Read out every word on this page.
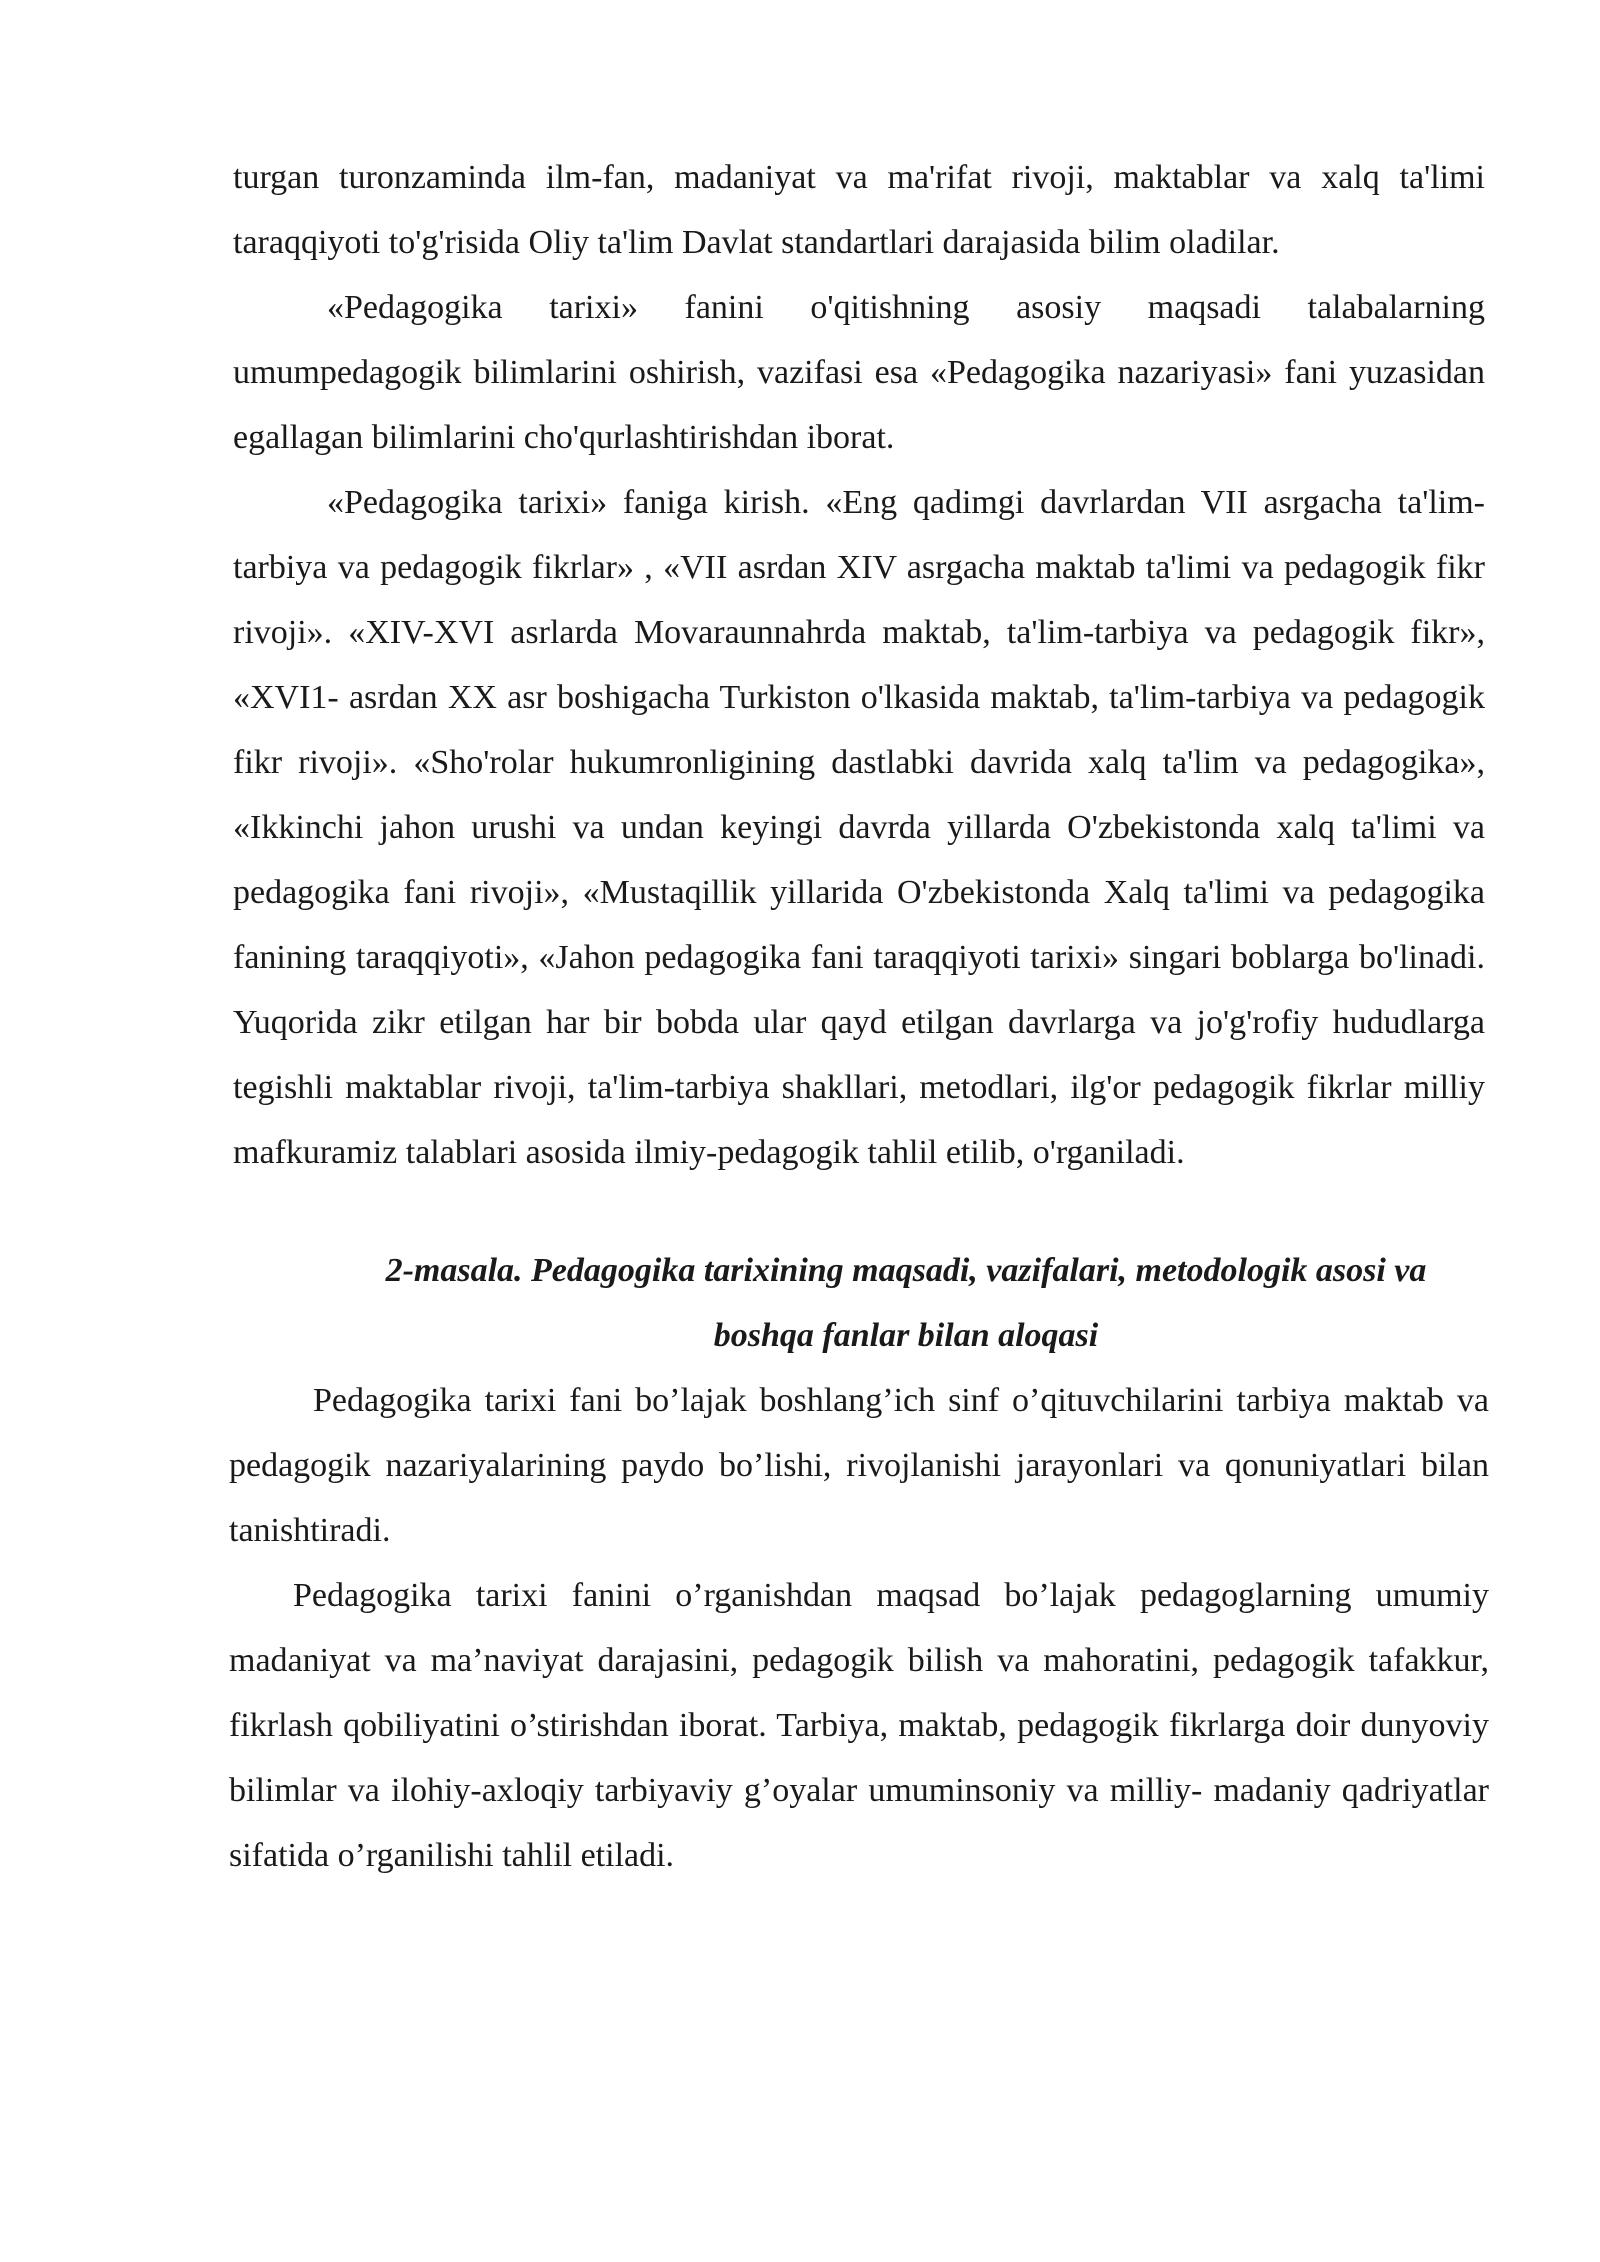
turgan turonzaminda ilm-fan, madaniyat va ma'rifat rivoji, maktablar va xalq ta'limi taraqqiyoti to'g'risida Oliy ta'lim Davlat standartlari darajasida bilim oladilar.

«Pedagogika tarixi» fanini o'qitishning asosiy maqsadi talabalarning umumpedagogik bilimlarini oshirish, vazifasi esa «Pedagogika nazariyasi» fani yuzasidan egallagan bilimlarini cho'qurlashtirishdan iborat.

«Pedagogika tarixi» faniga kirish. «Eng qadimgi davrlardan VII asrgacha ta'lim-tarbiya va pedagogik fikrlar» , «VII asrdan XIV asrgacha maktab ta'limi va pedagogik fikr rivoji». «XIV-XVI asrlarda Movaraunnahrda maktab, ta'lim-tarbiya va pedagogik fikr», «XVI1- asrdan XX asr boshigacha Turkiston o'lkasida maktab, ta'lim-tarbiya va pedagogik fikr rivoji». «Sho'rolar hukumronligining dastlabki davrida xalq ta'lim va pedagogika», «Ikkinchi jahon urushi va undan keyingi davrda yillarda O'zbekistonda xalq ta'limi va pedagogika fani rivoji», «Mustaqillik yillarida O'zbekistonda Xalq ta'limi va pedagogika fanining taraqqiyoti», «Jahon pedagogika fani taraqqiyoti tarixi» singari boblarga bo'linadi. Yuqorida zikr etilgan har bir bobda ular qayd etilgan davrlarga va jo'g'rofiy hududlarga tegishli maktablar rivoji, ta'lim-tarbiya shakllari, metodlari, ilg'or pedagogik fikrlar milliy mafkuramiz talablari asosida ilmiy-pedagogik tahlil etilib, o'rganiladi.

2-masala. Pedagogika tarixining maqsadi, vazifalari, metodologik asosi va
boshqa fanlar bilan aloqasi

Pedagogika tarixi fani bo’lajak boshlang’ich sinf o’qituvchilarini tarbiya maktab va pedagogik nazariyalarining paydo bo’lishi, rivojlanishi jarayonlari va qonuniyatlari bilan tanishtiradi.

Pedagogika tarixi fanini o’rganishdan maqsad bo’lajak pedagoglarning umumiy madaniyat va ma’naviyat darajasini, pedagogik bilish va mahoratini, pedagogik tafakkur, fikrlash qobiliyatini o’stirishdan iborat. Tarbiya, maktab, pedagogik fikrlarga doir dunyoviy bilimlar va ilohiy-axloqiy tarbiyaviy g’oyalar umuminsoniy va milliy- madaniy qadriyatlar sifatida o’rganilishi tahlil etiladi.
